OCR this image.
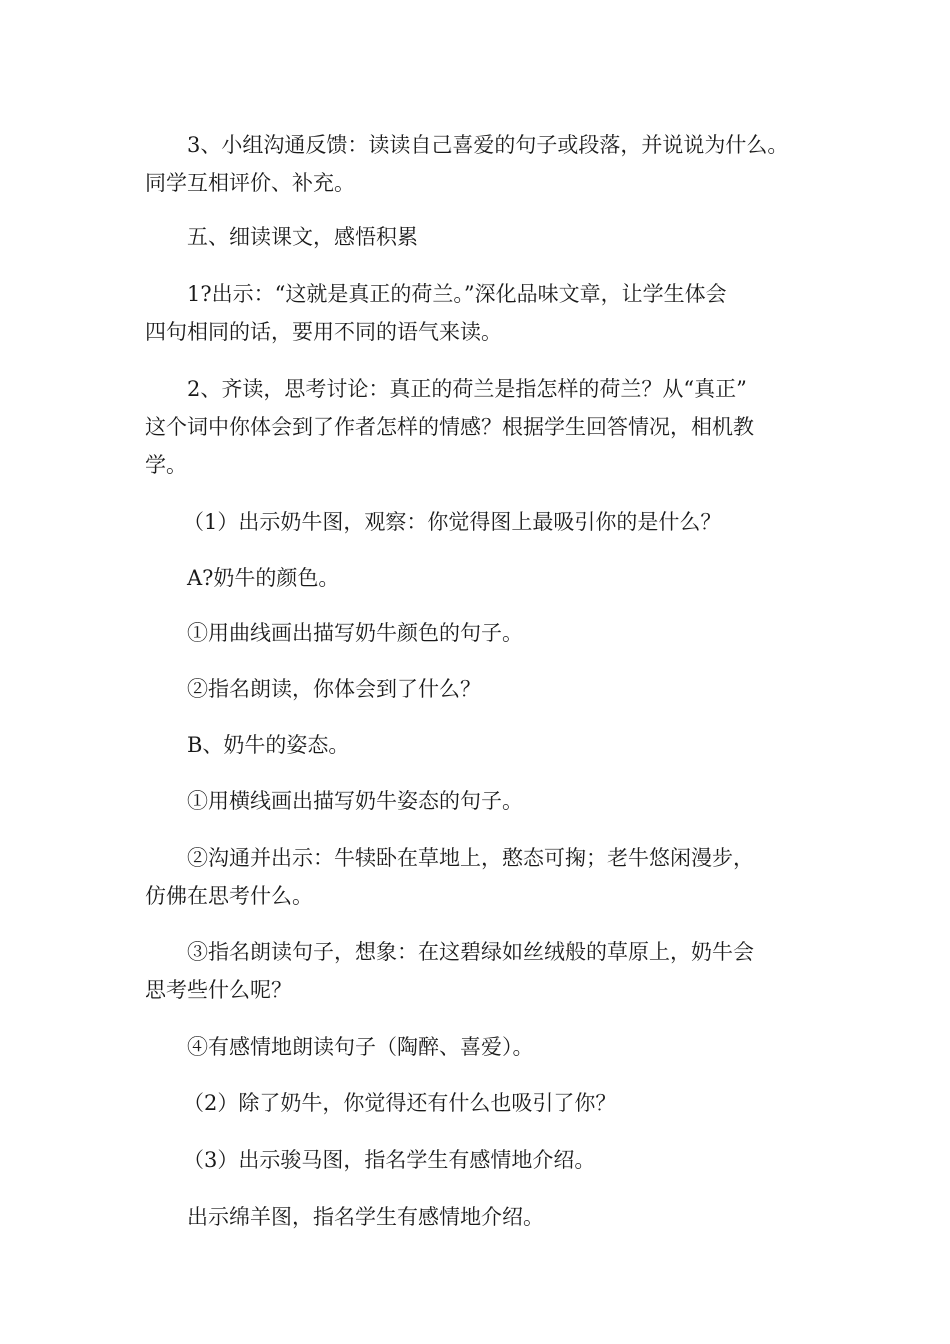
3、小组沟通反馈：读读自己喜爱的句子或段落，并说说为什么。
同学互相评价、补充。
五、细读课文，感悟积累
1?出示：“这就是真正的荷兰。”深化品味文章，让学生体会
四句相同的话，要用不同的语气来读。
2、齐读，思考讨论：真正的荷兰是指怎样的荷兰？从“真正”
这个词中你体会到了作者怎样的情感？根据学生回答情况，相机教
学。
（1）出示奶牛图，观察：你觉得图上最吸引你的是什么？
A?奶牛的颜色。
①用曲线画出描写奶牛颜色的句子。
②指名朗读，你体会到了什么？
B、奶牛的姿态。
①用横线画出描写奶牛姿态的句子。
②沟通并出示：牛犊卧在草地上，憨态可掬；老牛悠闲漫步，
仿佛在思考什么。
③指名朗读句子，想象：在这碧绿如丝绒般的草原上，奶牛会
思考些什么呢？
④有感情地朗读句子（陶醉、喜爱）。
（2）除了奶牛，你觉得还有什么也吸引了你？
（3）出示骏马图，指名学生有感情地介绍。
出示绵羊图，指名学生有感情地介绍。
